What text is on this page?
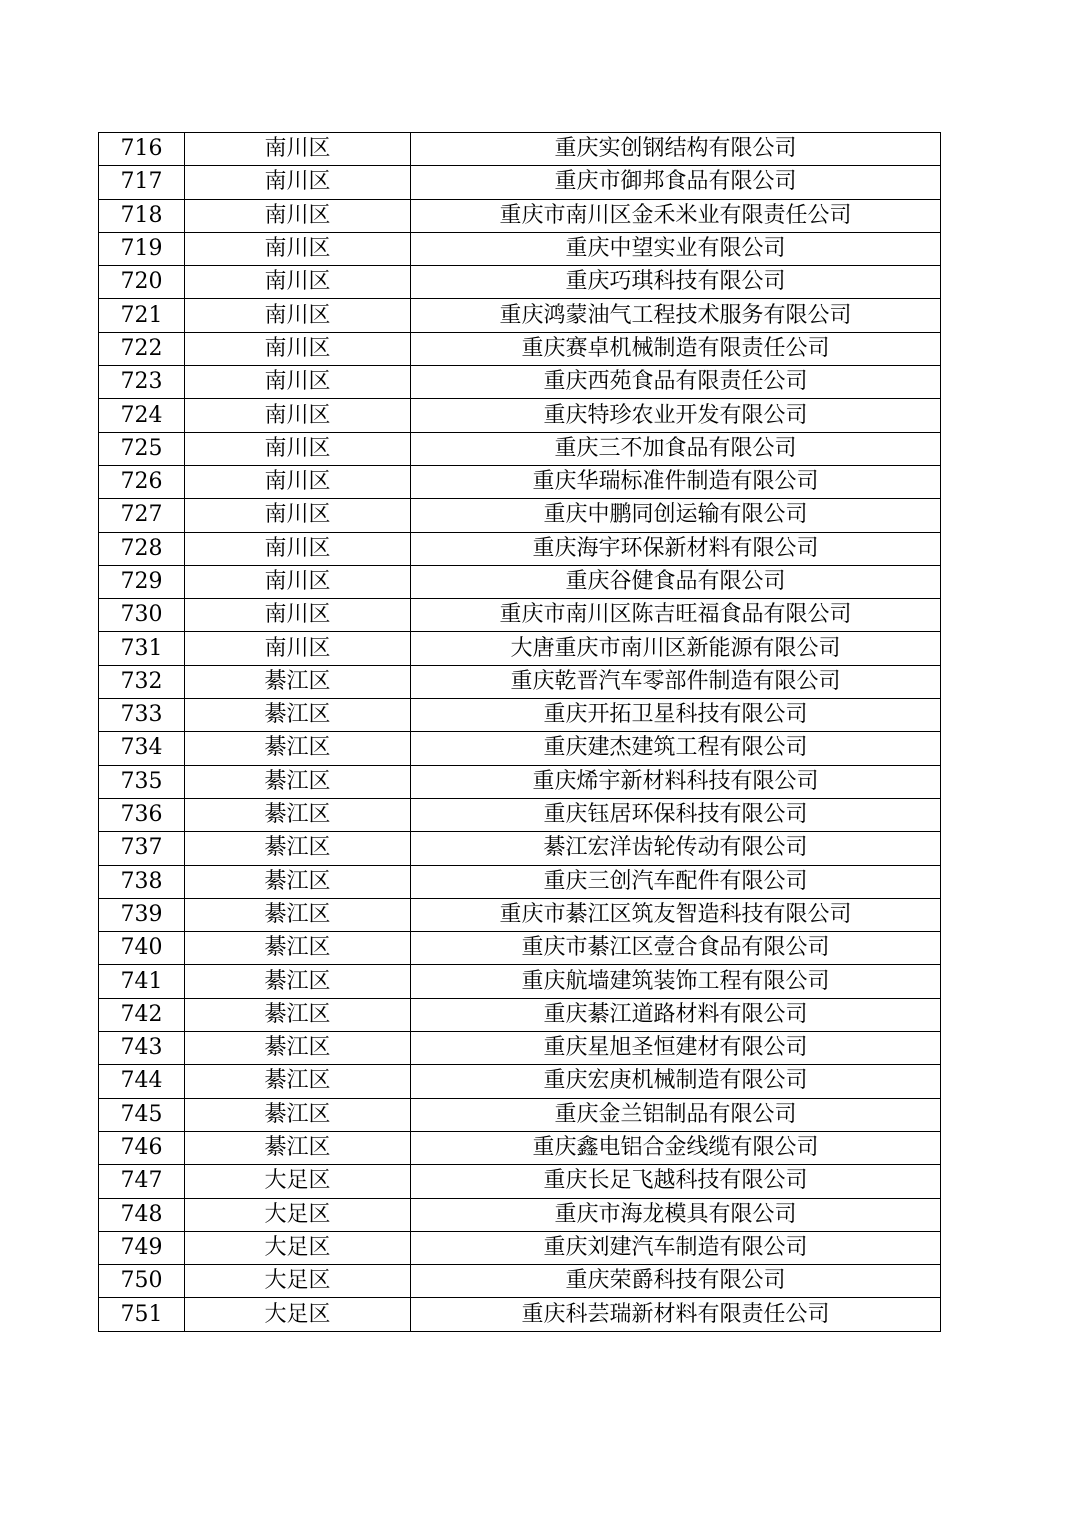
716	南川区	重庆实创钢结构有限公司
717	南川区	重庆市御邦食品有限公司
718	南川区	重庆市南川区金禾米业有限责任公司
719	南川区	重庆中望实业有限公司
720	南川区	重庆巧琪科技有限公司
721	南川区	重庆鸿蒙油气工程技术服务有限公司
722	南川区	重庆赛卓机械制造有限责任公司
723	南川区	重庆西苑食品有限责任公司
724	南川区	重庆特珍农业开发有限公司
725	南川区	重庆三不加食品有限公司
726	南川区	重庆华瑞标准件制造有限公司
727	南川区	重庆中鹏同创运输有限公司
728	南川区	重庆海宇环保新材料有限公司
729	南川区	重庆谷健食品有限公司
730	南川区	重庆市南川区陈吉旺福食品有限公司
731	南川区	大唐重庆市南川区新能源有限公司
732	綦江区	重庆乾晋汽车零部件制造有限公司
733	綦江区	重庆开拓卫星科技有限公司
734	綦江区	重庆建杰建筑工程有限公司
735	綦江区	重庆烯宇新材料科技有限公司
736	綦江区	重庆钰居环保科技有限公司
737	綦江区	綦江宏洋齿轮传动有限公司
738	綦江区	重庆三创汽车配件有限公司
739	綦江区	重庆市綦江区筑友智造科技有限公司
740	綦江区	重庆市綦江区壹合食品有限公司
741	綦江区	重庆航墙建筑装饰工程有限公司
742	綦江区	重庆綦江道路材料有限公司
743	綦江区	重庆星旭圣恒建材有限公司
744	綦江区	重庆宏庚机械制造有限公司
745	綦江区	重庆金兰铝制品有限公司
746	綦江区	重庆鑫电铝合金线缆有限公司
747	大足区	重庆长足飞越科技有限公司
748	大足区	重庆市海龙模具有限公司
749	大足区	重庆刘建汽车制造有限公司
750	大足区	重庆荣爵科技有限公司
751	大足区	重庆科芸瑞新材料有限责任公司
